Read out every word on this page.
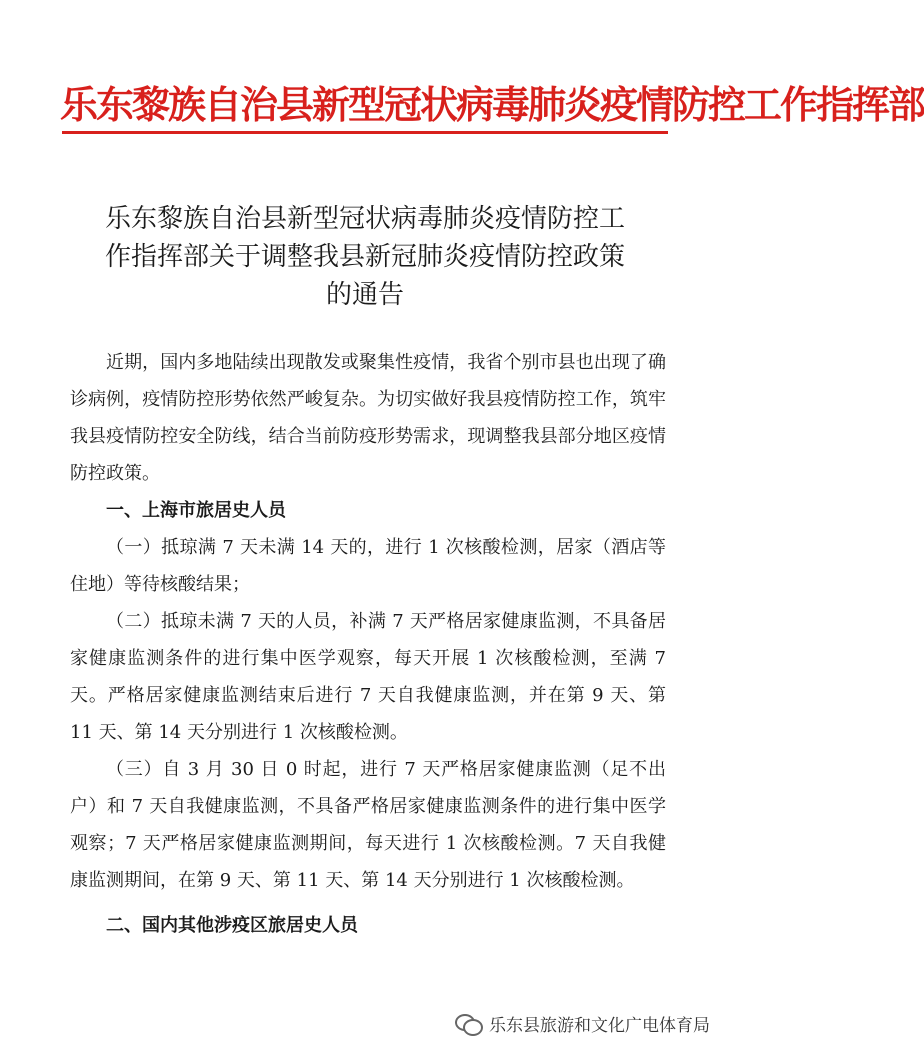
乐东黎族自治县新型冠状病毒肺炎疫情防控工作指挥部
乐东黎族自治县新型冠状病毒肺炎疫情防控工
作指挥部关于调整我县新冠肺炎疫情防控政策
的通告

近期，国内多地陆续出现散发或聚集性疫情，我省个别市县也出现了确诊病例，疫情防控形势依然严峻复杂。为切实做好我县疫情防控工作，筑牢我县疫情防控安全防线，结合当前防疫形势需求，现调整我县部分地区疫情防控政策。

一、上海市旅居史人员

（一）抵琼满 7 天未满 14 天的，进行 1 次核酸检测，居家（酒店等住地）等待核酸结果；

（二）抵琼未满 7 天的人员，补满 7 天严格居家健康监测，不具备居家健康监测条件的进行集中医学观察，每天开展 1 次核酸检测，至满 7 天。严格居家健康监测结束后进行 7 天自我健康监测，并在第 9 天、第 11 天、第 14 天分别进行 1 次核酸检测。

（三）自 3 月 30 日 0 时起，进行 7 天严格居家健康监测（足不出户）和 7 天自我健康监测，不具备严格居家健康监测条件的进行集中医学观察；7 天严格居家健康监测期间，每天进行 1 次核酸检测。7 天自我健康监测期间，在第 9 天、第 11 天、第 14 天分别进行 1 次核酸检测。

二、国内其他涉疫区旅居史人员

乐东县旅游和文化广电体育局
